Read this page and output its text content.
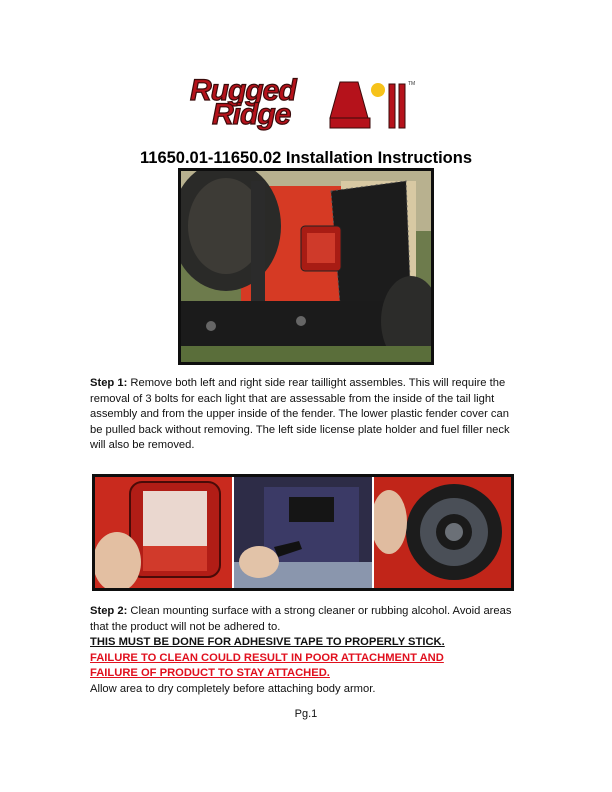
Rugged
Ridge
TM
11650.01-11650.02 Installation Instructions
Step 1: Remove both left and right side rear taillight assembles. This will require the removal of 3 bolts for each light that are assessable from the inside of the tail light assembly and from the upper inside of the fender. The lower plastic fender cover can be pulled back without removing. The left side license plate holder and fuel filler neck will also be removed.
Step 2: Clean mounting surface with a strong cleaner or rubbing alcohol. Avoid areas that the product will not be adhered to.
THIS MUST BE DONE FOR ADHESIVE TAPE TO PROPERLY STICK.
FAILURE TO CLEAN COULD RESULT IN POOR ATTACHMENT AND
FAILURE OF PRODUCT TO STAY ATTACHED.
Allow area to dry completely before attaching body armor.
Pg.1
